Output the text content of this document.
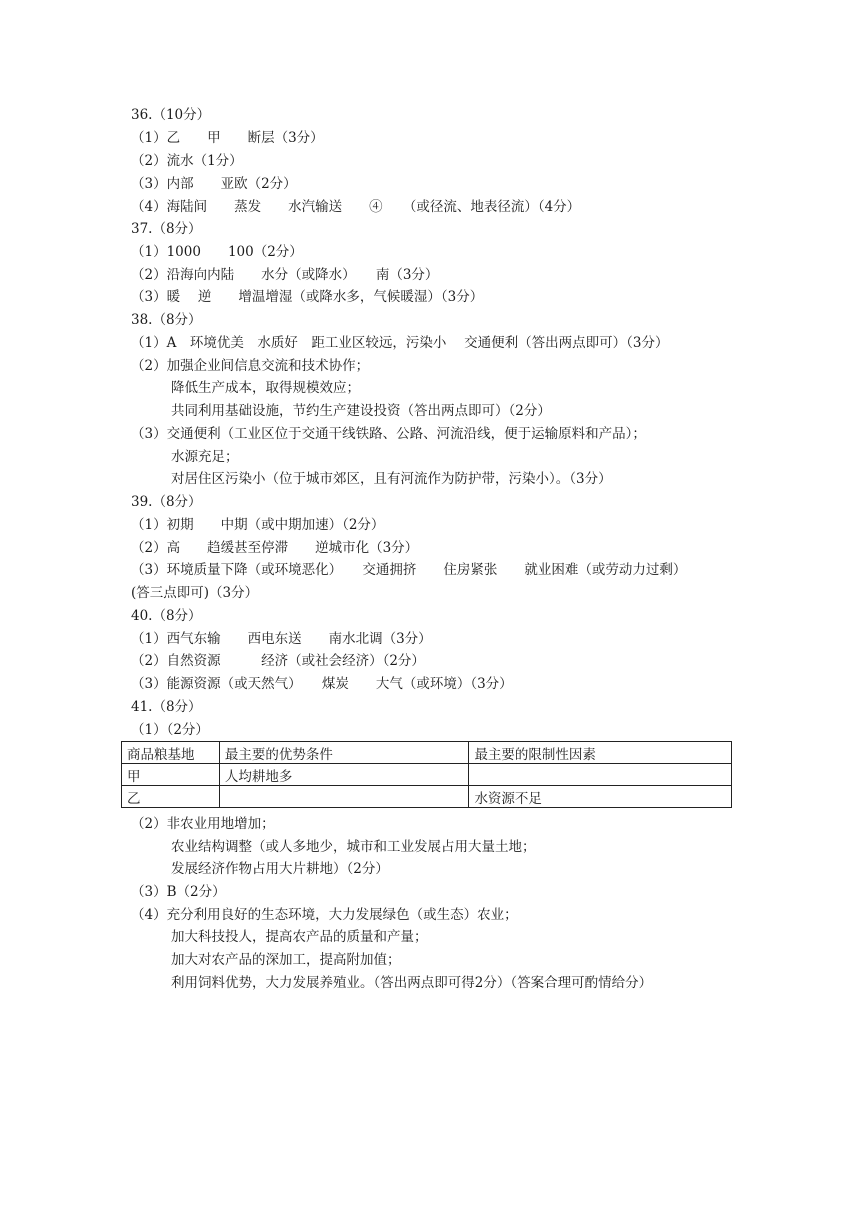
36.（10分）
（1）乙　　甲　　断层（3分）
（2）流水（1分）
（3）内部　　亚欧（2分）
（4）海陆间　　蒸发　　水汽输送　　④　　（或径流、地表径流）（4分）
37.（8分）
（1）1000　　100（2分）
（2）沿海向内陆　　水分（或降水）　　南（3分）
（3）暖　 逆　　增温增湿（或降水多，气候暖湿）（3分）
38.（8分）
（1）A　环境优美　水质好　距工业区较远，污染小　 交通便利（答出两点即可）（3分）
（2）加强企业间信息交流和技术协作；
降低生产成本，取得规模效应；
共同利用基础设施，节约生产建设投资（答出两点即可）（2分）
（3）交通便利（工业区位于交通干线铁路、公路、河流沿线，便于运输原料和产品）；
水源充足；
对居住区污染小（位于城市郊区，且有河流作为防护带，污染小）。（3分）
39.（8分）
（1）初期　　中期（或中期加速）（2分）
（2）高　　趋缓甚至停滞　　逆城市化（3分）
（3）环境质量下降（或环境恶化）　　交通拥挤　　住房紧张　　就业困难（或劳动力过剩）
(答三点即可)（3分）
40.（8分）
（1）西气东输　　西电东送　　南水北调（3分）
（2）自然资源　　　经济（或社会经济）（2分）
（3）能源资源（或天然气）　　煤炭　　大气（或环境）（3分）
41.（8分）
（1）（2分）
（2）非农业用地增加；
农业结构调整（或人多地少，城市和工业发展占用大量土地；
发展经济作物占用大片耕地）（2分）
（3）B（2分）
（4）充分利用良好的生态环境，大力发展绿色（或生态）农业；
加大科技投人，提高农产品的质量和产量；
加大对农产品的深加工，提高附加值；
利用饲料优势，大力发展养殖业。（答出两点即可得2分）（答案合理可酌情给分）
商品粮基地	最主要的优势条件	最主要的限制性因素
甲	人均耕地多	
乙		水资源不足
